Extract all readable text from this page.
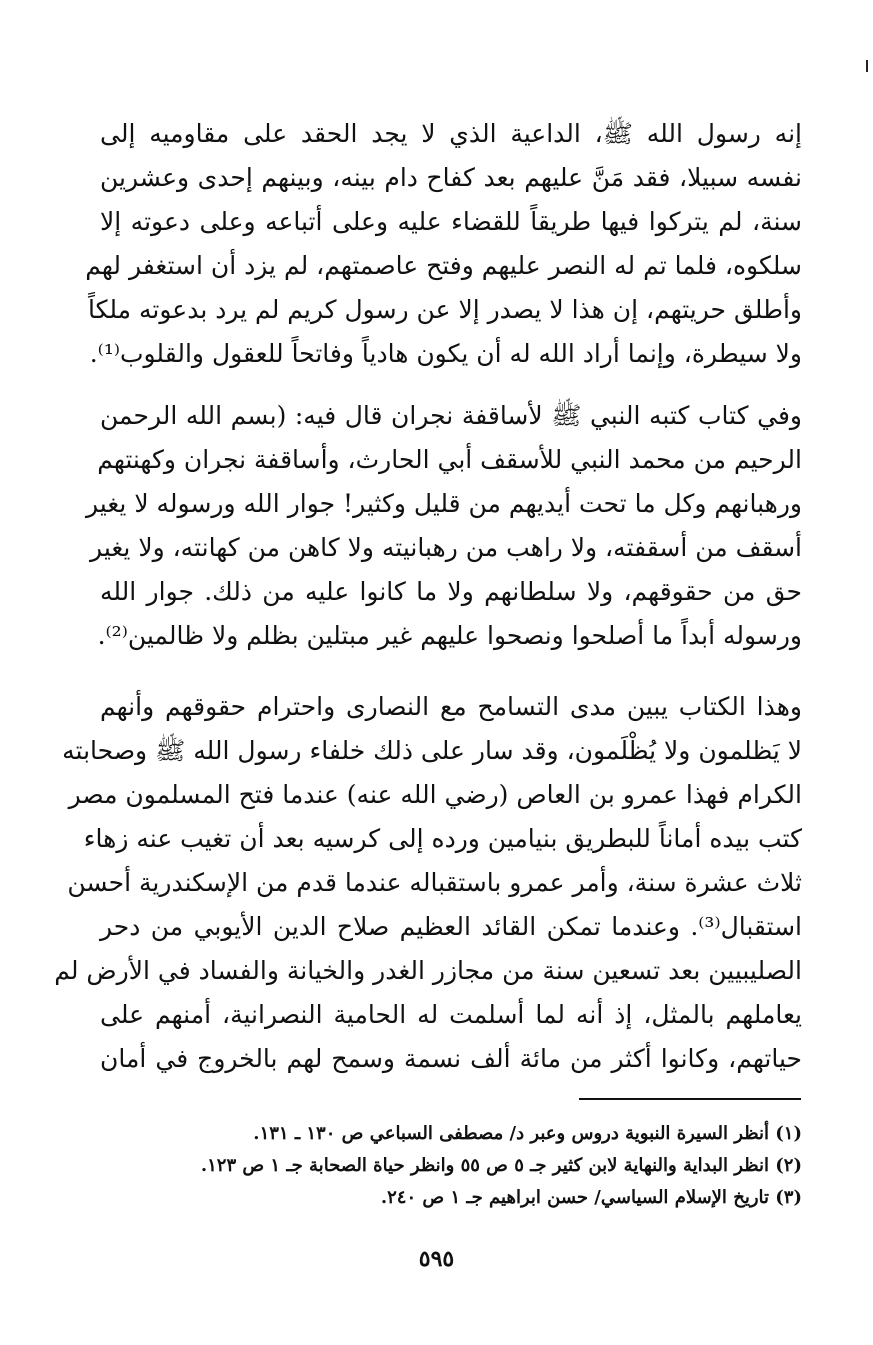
إنه رسول الله ﷺ، الداعية الذي لا يجد الحقد على مقاوميه إلى
نفسه سبيلا، فقد مَنَّ عليهم بعد كفاح دام بينه، وبينهم إحدى وعشرين
سنة، لم يتركوا فيها طريقاً للقضاء عليه وعلى أتباعه وعلى دعوته إلا
سلكوه، فلما تم له النصر عليهم وفتح عاصمتهم، لم يزد أن استغفر لهم
وأطلق حريتهم، إن هذا لا يصدر إلا عن رسول كريم لم يرد بدعوته ملكاً
ولا سيطرة، وإنما أراد الله له أن يكون هادياً وفاتحاً للعقول والقلوب⁽¹⁾.
وفي كتاب كتبه النبي ﷺ لأساقفة نجران قال فيه: (بسم الله الرحمن
الرحيم من محمد النبي للأسقف أبي الحارث، وأساقفة نجران وكهنتهم
ورهبانهم وكل ما تحت أيديهم من قليل وكثير! جوار الله ورسوله لا يغير
أسقف من أسقفته، ولا راهب من رهبانيته ولا كاهن من كهانته، ولا يغير
حق من حقوقهم، ولا سلطانهم ولا ما كانوا عليه من ذلك. جوار الله
ورسوله أبداً ما أصلحوا ونصحوا عليهم غير مبتلين بظلم ولا ظالمين⁽²⁾.
وهذا الكتاب يبين مدى التسامح مع النصارى واحترام حقوقهم وأنهم
لا يَظلمون ولا يُظْلَمون، وقد سار على ذلك خلفاء رسول الله ﷺ وصحابته
الكرام فهذا عمرو بن العاص (رضي الله عنه) عندما فتح المسلمون مصر
كتب بيده أماناً للبطريق بنيامين ورده إلى كرسيه بعد أن تغيب عنه زهاء
ثلاث عشرة سنة، وأمر عمرو باستقباله عندما قدم من الإسكندرية أحسن
استقبال⁽³⁾. وعندما تمكن القائد العظيم صلاح الدين الأيوبي من دحر
الصليبيين بعد تسعين سنة من مجازر الغدر والخيانة والفساد في الأرض لم
يعاملهم بالمثل، إذ أنه لما أسلمت له الحامية النصرانية، أمنهم على
حياتهم، وكانوا أكثر من مائة ألف نسمة وسمح لهم بالخروج في أمان
(١) أنظر السيرة النبوية دروس وعبر د/ مصطفى السباعي ص ١٣٠ ـ ١٣١.
(٢) انظر البداية والنهاية لابن كثير جـ ٥ ص ٥٥ وانظر حياة الصحابة جـ ١ ص ١٢٣.
(٣) تاريخ الإسلام السياسي/ حسن ابراهيم جـ ١ ص ٢٤٠.
٥٩٥
